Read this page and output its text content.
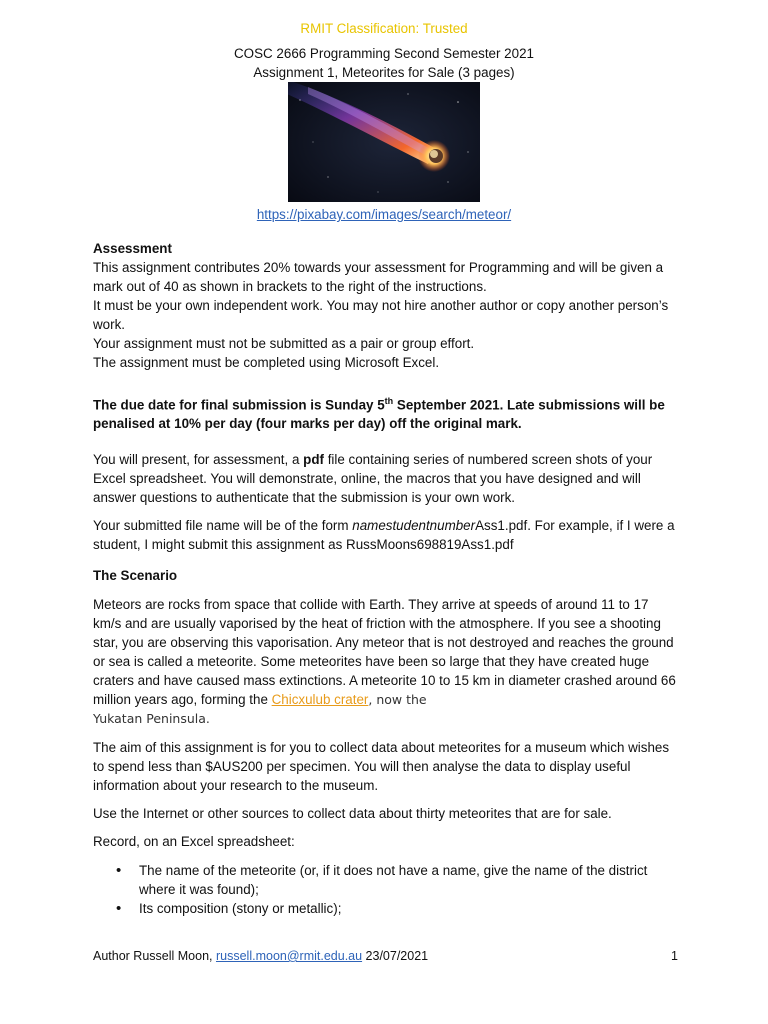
RMIT Classification: Trusted
COSC 2666 Programming Second Semester 2021
Assignment 1, Meteorites for Sale (3 pages)
https://pixabay.com/images/search/meteor/

Assessment

This assignment contributes 20% towards your assessment for Programming and will be given a mark out of 40 as shown in brackets to the right of the instructions.

It must be your own independent work. You may not hire another author or copy another person’s work.

Your assignment must not be submitted as a pair or group effort.

The assignment must be completed using Microsoft Excel.

The due date for final submission is Sunday 5th September 2021. Late submissions will be penalised at 10% per day (four marks per day) off the original mark.

You will present, for assessment, a pdf file containing series of numbered screen shots of your Excel spreadsheet. You will demonstrate, online, the macros that you have designed and will answer questions to authenticate that the submission is your own work.

Your submitted file name will be of the form namestudentnumberAss1.pdf. For example, if I were a student, I might submit this assignment as RussMoons698819Ass1.pdf

The Scenario

Meteors are rocks from space that collide with Earth. They arrive at speeds of around 11 to 17 km/s and are usually vaporised by the heat of friction with the atmosphere. If you see a shooting star, you are observing this vaporisation. Any meteor that is not destroyed and reaches the ground or sea is called a meteorite. Some meteorites have been so large that they have created huge craters and have caused mass extinctions. A meteorite 10 to 15 km in diameter crashed around 66 million years ago, forming the Chicxulub crater, now the

Yukatan Peninsula.

The aim of this assignment is for you to collect data about meteorites for a museum which wishes to spend less than $AUS200 per specimen. You will then analyse the data to display useful information about your research to the museum.

Use the Internet or other sources to collect data about thirty meteorites that are for sale.

Record, on an Excel spreadsheet:

• The name of the meteorite (or, if it does not have a name, give the name of the district where it was found);
• Its composition (stony or metallic);
Author Russell Moon, russell.moon@rmit.edu.au 23/07/2021	1
